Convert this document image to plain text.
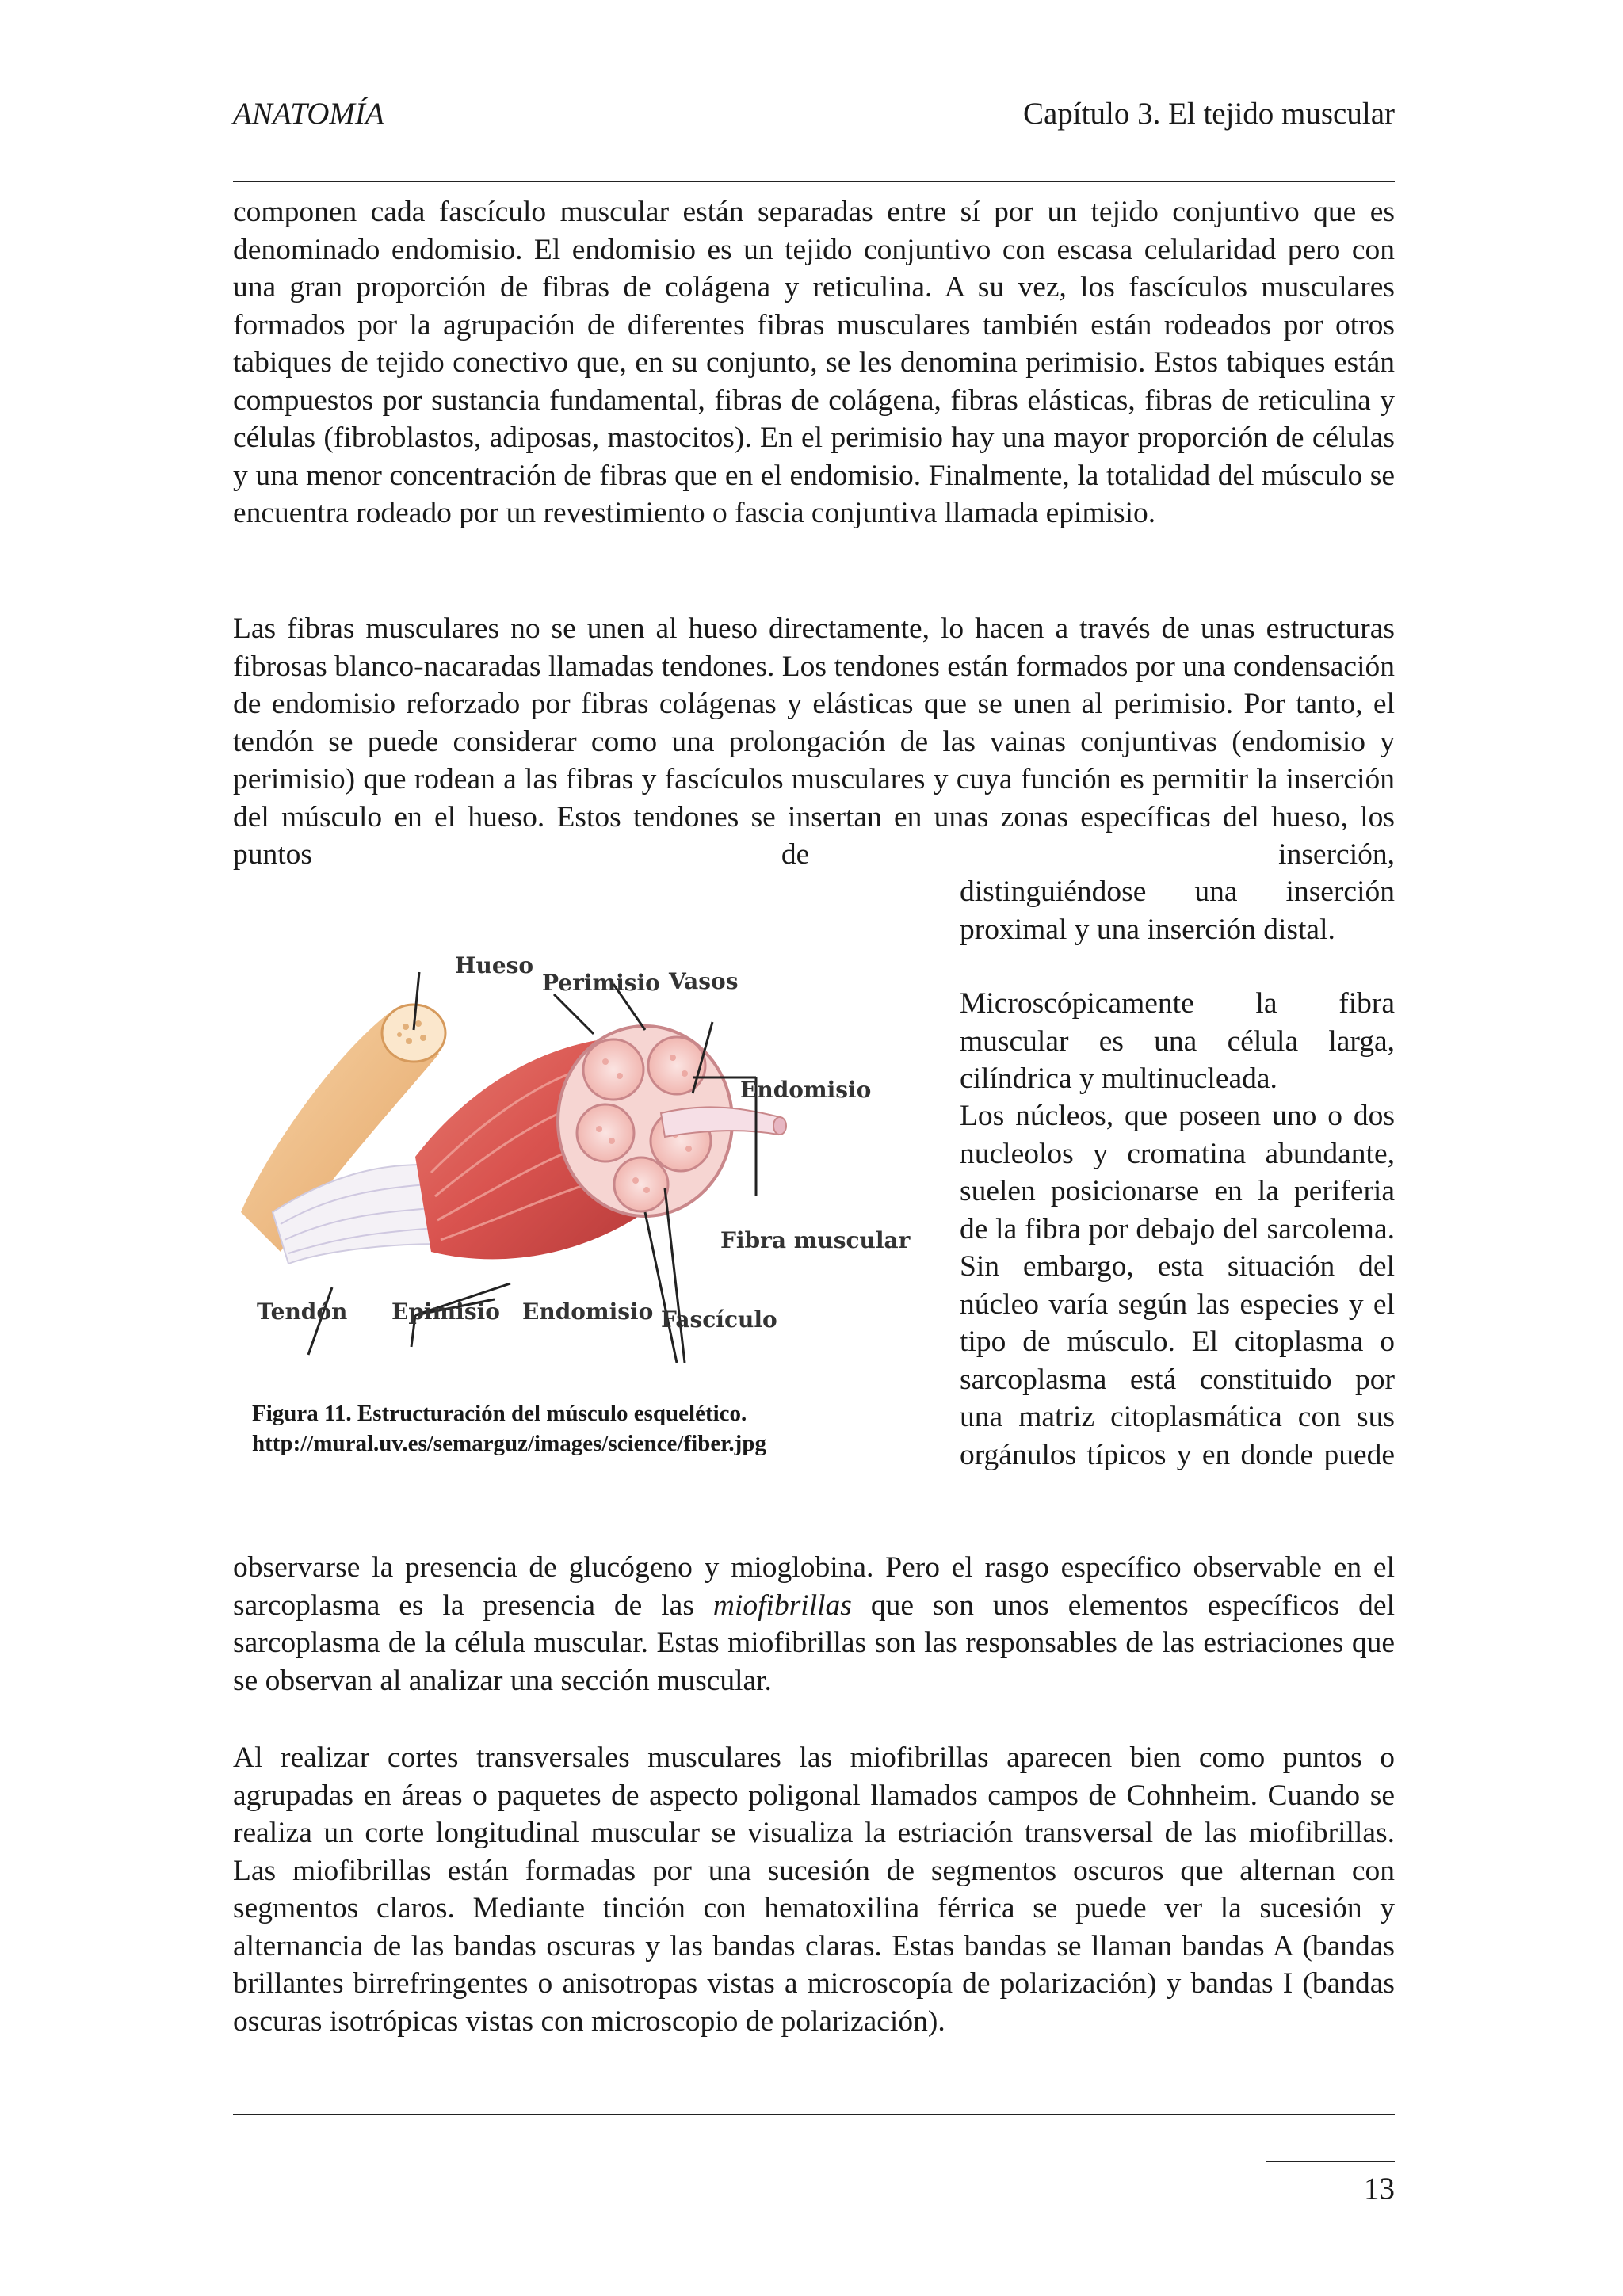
ANATOMÍA	Capítulo 3. El tejido muscular

componen cada fascículo muscular están separadas entre sí por un tejido conjuntivo que es denominado endomisio. El endomisio es un tejido conjuntivo con escasa celularidad pero con una gran proporción de fibras de colágena y reticulina. A su vez, los fascículos musculares formados por la agrupación de diferentes fibras musculares también están rodeados por otros tabiques de tejido conectivo que, en su conjunto, se les denomina perimisio. Estos tabiques están compuestos por sustancia fundamental, fibras de colágena, fibras elásticas, fibras de reticulina y células (fibroblastos, adiposas, mastocitos). En el perimisio hay una mayor proporción de células y una menor concentración de fibras que en el endomisio. Finalmente, la totalidad del músculo se encuentra rodeado por un revestimiento o fascia conjuntiva llamada epimisio.

Las fibras musculares no se unen al hueso directamente, lo hacen a través de unas estructuras fibrosas blanco-nacaradas llamadas tendones. Los tendones están formados por una condensación de endomisio reforzado por fibras colágenas y elásticas que se unen al perimisio. Por tanto, el tendón se puede considerar como una prolongación de las vainas conjuntivas (endomisio y perimisio) que rodean a las fibras y fascículos musculares y cuya función es permitir la inserción del músculo en el hueso. Estos tendones se insertan en unas zonas específicas del hueso, los puntos de inserción,

distinguiéndose una inserción proximal y una inserción distal.

Microscópicamente la fibra muscular es una célula larga, cilíndrica y multinucleada.

Los núcleos, que poseen uno o dos nucleolos y cromatina abundante, suelen posicionarse en la periferia de la fibra por debajo del sarcolema. Sin embargo, esta situación del núcleo varía según las especies y el tipo de músculo. El citoplasma o sarcoplasma está constituido por una matriz citoplasmática con sus orgánulos típicos y en donde puede

observarse la presencia de glucógeno y mioglobina. Pero el rasgo específico observable en el sarcoplasma es la presencia de las miofibrillas que son unos elementos específicos del sarcoplasma de la célula muscular. Estas miofibrillas son las responsables de las estriaciones que se observan al analizar una sección muscular.

Al realizar cortes transversales musculares las miofibrillas aparecen bien como puntos o agrupadas en áreas o paquetes de aspecto poligonal llamados campos de Cohnheim. Cuando se realiza un corte longitudinal muscular se visualiza la estriación transversal de las miofibrillas. Las miofibrillas están formadas por una sucesión de segmentos oscuros que alternan con segmentos claros. Mediante tinción con hematoxilina férrica se puede ver la sucesión y alternancia de las bandas oscuras y las bandas claras. Estas bandas se llaman bandas A (bandas brillantes birrefringentes o anisotropas vistas a microscopía de polarización) y bandas I (bandas oscuras isotrópicas vistas con microscopio de polarización).

Hueso
Perimisio Vasos
Endomisio
Fibra muscular
Tendón Epimisio Endomisio Fascículo
Figura 11. Estructuración del músculo esquelético.
http://mural.uv.es/semarguz/images/science/fiber.jpg
13
